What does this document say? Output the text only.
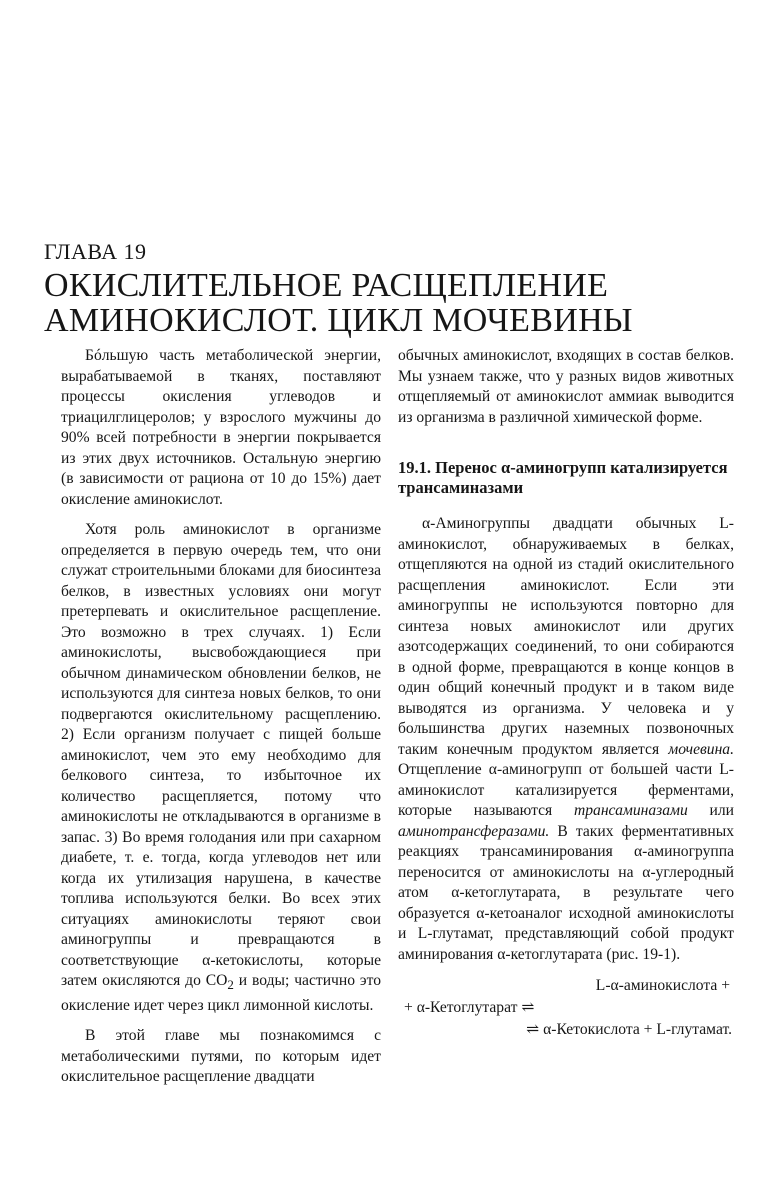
ГЛАВА 19
ОКИСЛИТЕЛЬНОЕ РАСЩЕПЛЕНИЕ
АМИНОКИСЛОТ. ЦИКЛ МОЧЕВИНЫ

Бóльшую часть метаболической энергии, вырабатываемой в тканях, поставляют процессы окисления углеводов и триацилглицеролов; у взрослого мужчины до 90% всей потребности в энергии покрывается из этих двух источников. Остальную энергию (в зависимости от рациона от 10 до 15%) дает окисление аминокислот.

Хотя роль аминокислот в организме определяется в первую очередь тем, что они служат строительными блоками для биосинтеза белков, в известных условиях они могут претерпевать и окислительное расщепление. Это возможно в трех случаях. 1) Если аминокислоты, высвобождающиеся при обычном динамическом обновлении белков, не используются для синтеза новых белков, то они подвергаются окислительному расщеплению. 2) Если организм получает с пищей больше аминокислот, чем это ему необходимо для белкового синтеза, то избыточное их количество расщепляется, потому что аминокислоты не откладываются в организме в запас. 3) Во время голодания или при сахарном диабете, т. е. тогда, когда углеводов нет или когда их утилизация нарушена, в качестве топлива используются белки. Во всех этих ситуациях аминокислоты теряют свои аминогруппы и превращаются в соответствующие α-кетокислоты, которые затем окисляются до $CO_2$ и воды; частично это окисление идет через цикл лимонной кислоты.

В этой главе мы познакомимся с метаболическими путями, по которым идет окислительное расщепление двадцати

обычных аминокислот, входящих в состав белков. Мы узнаем также, что у разных видов животных отщепляемый от аминокислот аммиак выводится из организма в различной химической форме.

19.1. Перенос α-аминогрупп катализируется трансаминазами

α-Аминогруппы двадцати обычных L-аминокислот, обнаруживаемых в белках, отщепляются на одной из стадий окислительного расщепления аминокислот. Если эти аминогруппы не используются повторно для синтеза новых аминокислот или других азотсодержащих соединений, то они собираются в одной форме, превращаются в конце концов в один общий конечный продукт и в таком виде выводятся из организма. У человека и у большинства других наземных позвоночных таким конечным продуктом является мочевина. Отщепление α-аминогрупп от большей части L-аминокислот катализируется ферментами, которые называются трансаминазами или аминотрансферазами. В таких ферментативных реакциях трансаминирования α-аминогруппа переносится от аминокислоты на α-углеродный атом α-кетоглутарата, в результате чего образуется α-кетоаналог исходной аминокислоты и L-глутамат, представляющий собой продукт аминирования α-кетоглутарата (рис. 19-1).

L-α-аминокислота +
+ α-Кетоглутарат ⇌
⇌ α-Кетокислота + L-глутамат.
